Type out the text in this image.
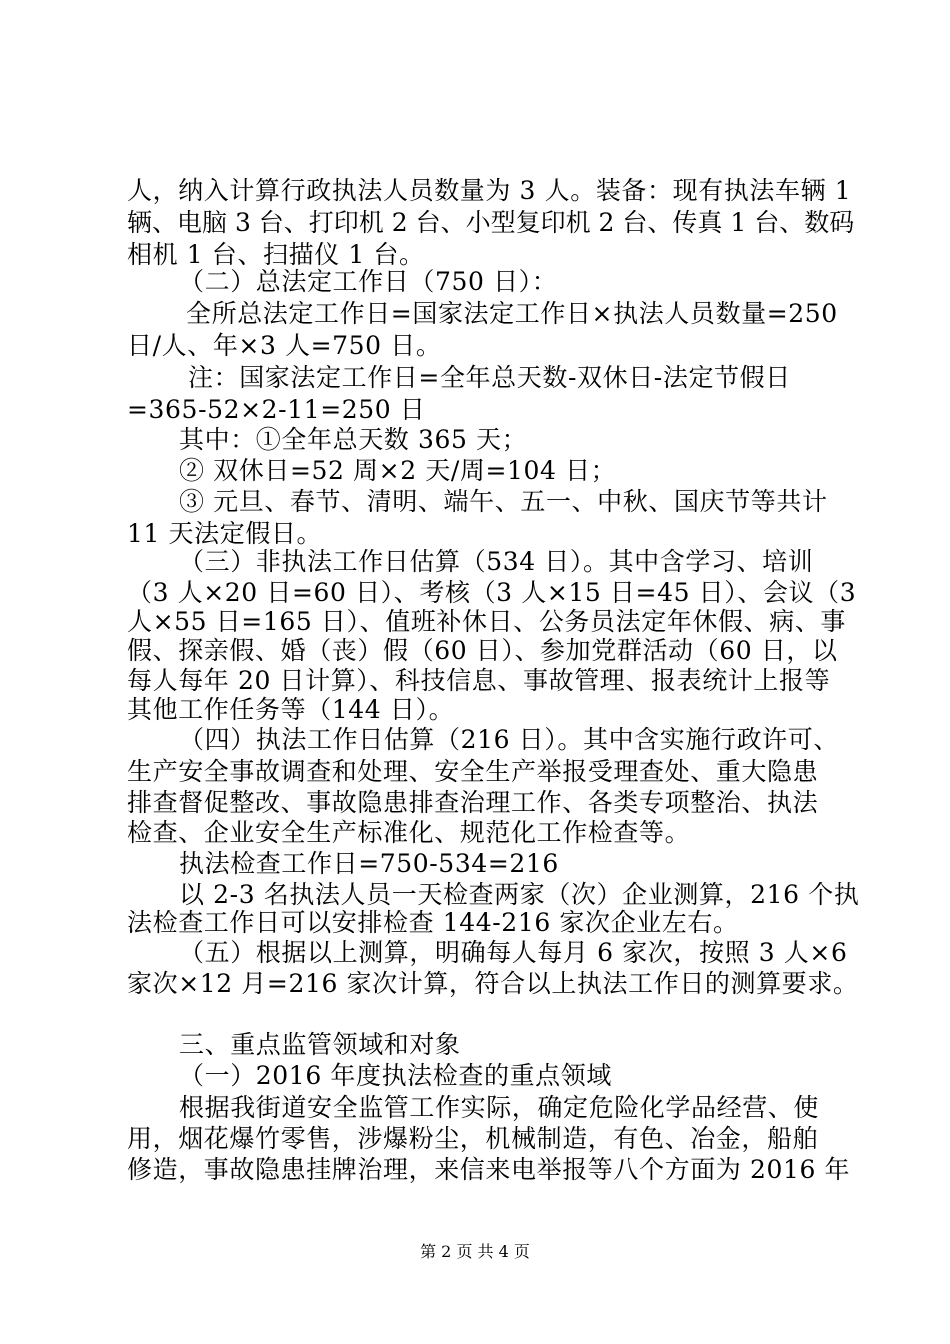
人，纳入计算行政执法人员数量为 3 人。装备：现有执法车辆 1
辆、电脑 3 台、打印机 2 台、小型复印机 2 台、传真 1 台、数码
相机 1 台、扫描仪 1 台。
（二）总法定工作日（750 日）：
全所总法定工作日=国家法定工作日×执法人员数量=250
日/人、年×3 人=750 日。
注：国家法定工作日=全年总天数-双休日-法定节假日
=365-52×2-11=250 日
其中：①全年总天数 365 天；
② 双休日=52 周×2 天/周=104 日；
③ 元旦、春节、清明、端午、五一、中秋、国庆节等共计
11 天法定假日。
（三）非执法工作日估算（534 日）。其中含学习、培训
（3 人×20 日=60 日）、考核（3 人×15 日=45 日）、会议（3
人×55 日=165 日）、值班补休日、公务员法定年休假、病、事
假、探亲假、婚（丧）假（60 日）、参加党群活动（60 日，以
每人每年 20 日计算）、科技信息、事故管理、报表统计上报等
其他工作任务等（144 日）。
（四）执法工作日估算（216 日）。其中含实施行政许可、
生产安全事故调查和处理、安全生产举报受理查处、重大隐患
排查督促整改、事故隐患排查治理工作、各类专项整治、执法
检查、企业安全生产标准化、规范化工作检查等。
执法检查工作日=750-534=216
以 2-3 名执法人员一天检查两家（次）企业测算，216 个执
法检查工作日可以安排检查 144-216 家次企业左右。
（五）根据以上测算，明确每人每月 6 家次，按照 3 人×6
家次×12 月=216 家次计算，符合以上执法工作日的测算要求。
三、重点监管领域和对象
（一）2016 年度执法检查的重点领域
根据我街道安全监管工作实际，确定危险化学品经营、使
用，烟花爆竹零售，涉爆粉尘，机械制造，有色、冶金，船舶
修造，事故隐患挂牌治理，来信来电举报等八个方面为 2016 年
第 2 页 共 4 页
